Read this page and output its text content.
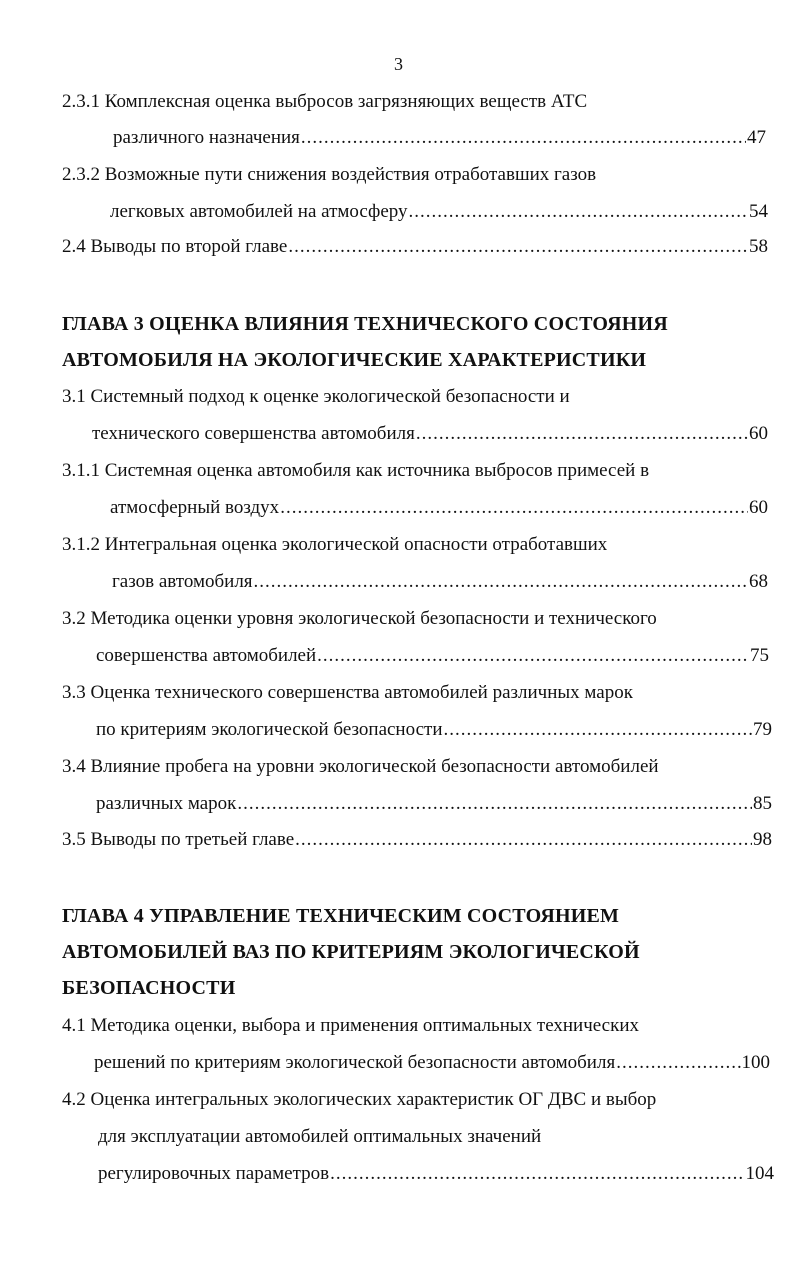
3
2.3.1 Комплексная оценка выбросов загрязняющих веществ АТС
различного назначения .....	47
2.3.2 Возможные пути снижения воздействия отработавших газов
легковых автомобилей на атмосферу .....	54
2.4 Выводы по второй главе .....	58
ГЛАВА 3 ОЦЕНКА ВЛИЯНИЯ ТЕХНИЧЕСКОГО СОСТОЯНИЯ
АВТОМОБИЛЯ НА ЭКОЛОГИЧЕСКИЕ ХАРАКТЕРИСТИКИ
3.1 Системный подход к оценке экологической безопасности и
технического совершенства автомобиля .....	60
3.1.1 Системная оценка автомобиля как источника выбросов примесей в
атмосферный воздух .....	60
3.1.2 Интегральная оценка экологической опасности отработавших
газов автомобиля .....	68
3.2 Методика оценки уровня экологической безопасности и технического
совершенства автомобилей .....	75
3.3 Оценка технического совершенства автомобилей различных марок
по критериям экологической безопасности .....	79
3.4 Влияние пробега на уровни экологической безопасности автомобилей
различных марок .....	85
3.5 Выводы по третьей главе .....	98
ГЛАВА 4 УПРАВЛЕНИЕ ТЕХНИЧЕСКИМ СОСТОЯНИЕМ
АВТОМОБИЛЕЙ ВАЗ ПО КРИТЕРИЯМ ЭКОЛОГИЧЕСКОЙ
БЕЗОПАСНОСТИ
4.1 Методика оценки, выбора и применения оптимальных технических
решений по критериям экологической безопасности автомобиля .....	100
4.2 Оценка интегральных экологических характеристик ОГ ДВС и выбор
для эксплуатации автомобилей оптимальных значений
регулировочных параметров .....	104
